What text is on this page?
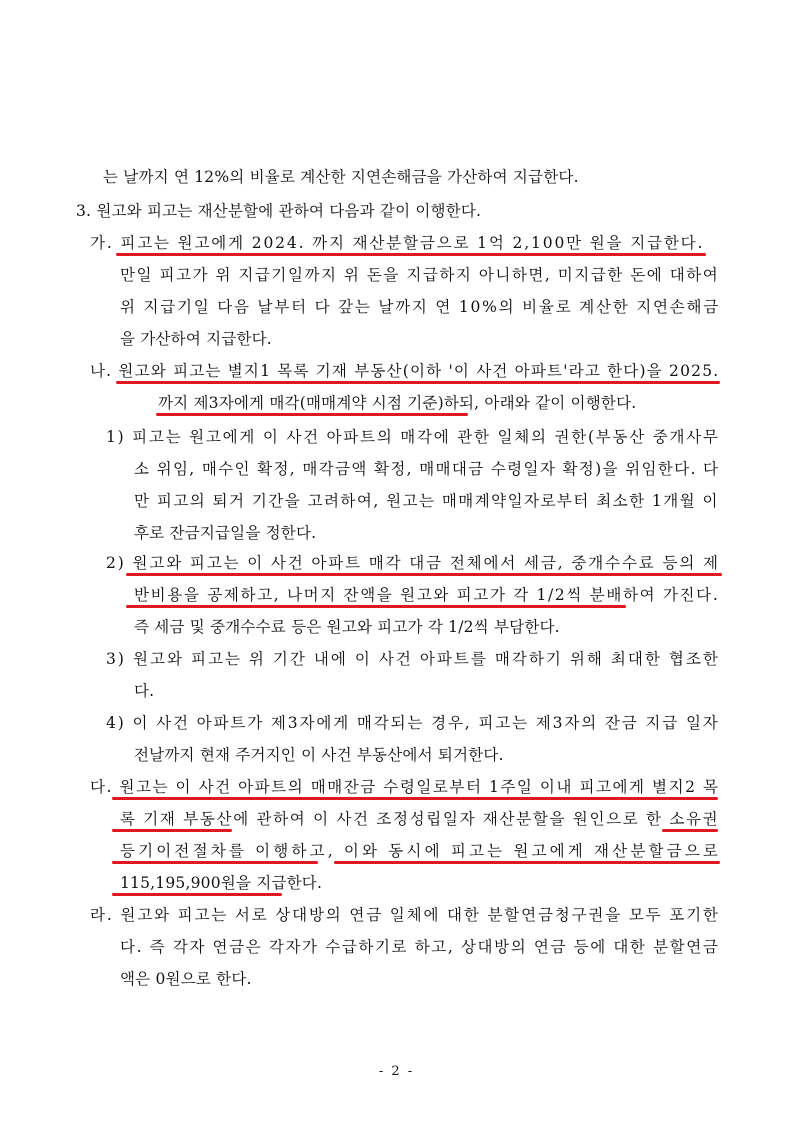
는 날까지 연 12%의 비율로 계산한 지연손해금을 가산하여 지급한다.
3. 원고와 피고는 재산분할에 관하여 다음과 같이 이행한다.
가. 피고는 원고에게 2024. 까지 재산분할금으로 1억 2,100만 원을 지급한다.
만일 피고가 위 지급기일까지 위 돈을 지급하지 아니하면, 미지급한 돈에 대하여
위 지급기일 다음 날부터 다 갚는 날까지 연 10%의 비율로 계산한 지연손해금
을 가산하여 지급한다.
나. 원고와 피고는 별지1 목록 기재 부동산(이하 '이 사건 아파트'라고 한다)을 2025.
까지 제3자에게 매각(매매계약 시점 기준)하되, 아래와 같이 이행한다.
1) 피고는 원고에게 이 사건 아파트의 매각에 관한 일체의 권한(부동산 중개사무
소 위임, 매수인 확정, 매각금액 확정, 매매대금 수령일자 확정)을 위임한다. 다
만 피고의 퇴거 기간을 고려하여, 원고는 매매계약일자로부터 최소한 1개월 이
후로 잔금지급일을 정한다.
2) 원고와 피고는 이 사건 아파트 매각 대금 전체에서 세금, 중개수수료 등의 제
반비용을 공제하고, 나머지 잔액을 원고와 피고가 각 1/2씩 분배하여 가진다.
즉 세금 및 중개수수료 등은 원고와 피고가 각 1/2씩 부담한다.
3) 원고와 피고는 위 기간 내에 이 사건 아파트를 매각하기 위해 최대한 협조한
다.
4) 이 사건 아파트가 제3자에게 매각되는 경우, 피고는 제3자의 잔금 지급 일자
전날까지 현재 주거지인 이 사건 부동산에서 퇴거한다.
다. 원고는 이 사건 아파트의 매매잔금 수령일로부터 1주일 이내 피고에게 별지2 목
록 기재 부동산에 관하여 이 사건 조정성립일자 재산분할을 원인으로 한 소유권
등기이전절차를 이행하고, 이와 동시에 피고는 원고에게 재산분할금으로
115,195,900원을 지급한다.
라. 원고와 피고는 서로 상대방의 연금 일체에 대한 분할연금청구권을 모두 포기한
다. 즉 각자 연금은 각자가 수급하기로 하고, 상대방의 연금 등에 대한 분할연금
액은 0원으로 한다.
- 2 -
